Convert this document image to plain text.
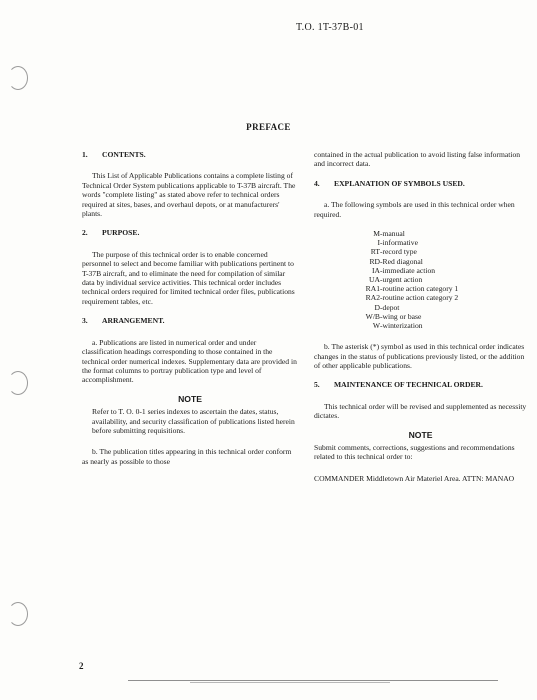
T.O. 1T-37B-01
PREFACE
1.	CONTENTS.
This List of Applicable Publications contains a complete listing of Technical Order System publications applicable to T-37B aircraft. The words "complete listing" as stated above refer to technical orders required at sites, bases, and overhaul depots, or at manufacturers' plants.
2.	PURPOSE.
The purpose of this technical order is to enable concerned personnel to select and become familiar with publications pertinent to T-37B aircraft, and to eliminate the need for compilation of similar data by individual service activities. This technical order includes technical orders required for limited technical order files, publications requirement tables, etc.
3.	ARRANGEMENT.
a. Publications are listed in numerical order and under classification headings corresponding to those contained in the technical order numerical indexes. Supplementary data are provided in the format columns to portray publication type and level of accomplishment.
NOTE
Refer to T. O. 0-1 series indexes to ascertain the dates, status, availability, and security classification of publications listed herein before submitting requisitions.
b. The publication titles appearing in this technical order conform as nearly as possible to those
contained in the actual publication to avoid listing false information and incorrect data.
4.	EXPLANATION OF SYMBOLS USED.
a. The following symbols are used in this technical order when required.
M -manual
I -informative
RT -record type
RD -Red diagonal
IA -immediate action
UA -urgent action
RA1 -routine action category 1
RA2 -routine action category 2
D -depot
W/B -wing or base
W -winterization
b. The asterisk (*) symbol as used in this technical order indicates changes in the status of publications previously listed, or the addition of other applicable publications.
5.	MAINTENANCE OF TECHNICAL ORDER.
This technical order will be revised and supplemented as necessity dictates.
NOTE
Submit comments, corrections, suggestions and recommendations related to this technical order to:
COMMANDER Middletown Air Materiel Area. ATTN: MANAO
2
